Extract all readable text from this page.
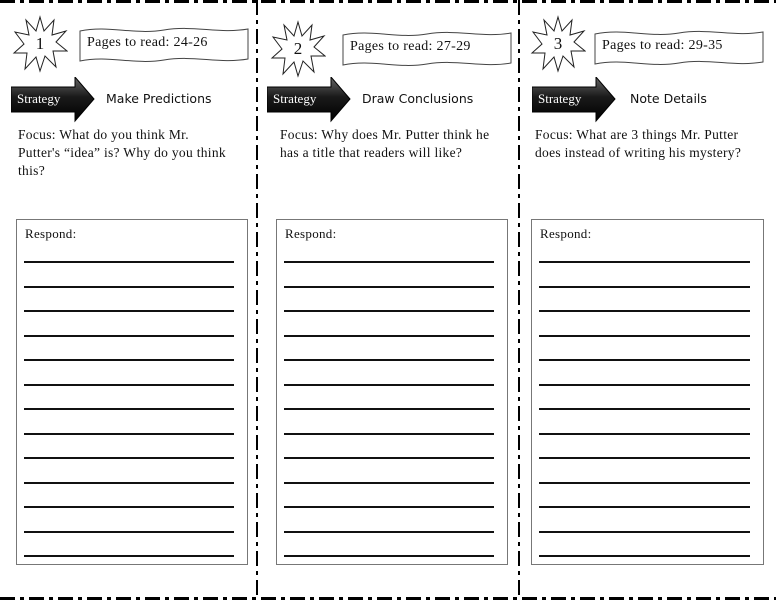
1	Pages to read: 24-26
Strategy	Make Predictions
Focus: What do you think Mr. Putter's “idea” is? Why do you think this?
Respond:
2	Pages to read: 27-29
Strategy	Draw Conclusions
Focus: Why does Mr. Putter think he has a title that readers will like?
Respond:
3	Pages to read: 29-35
Strategy	Note Details
Focus: What are 3 things Mr. Putter does instead of writing his mystery?
Respond:
